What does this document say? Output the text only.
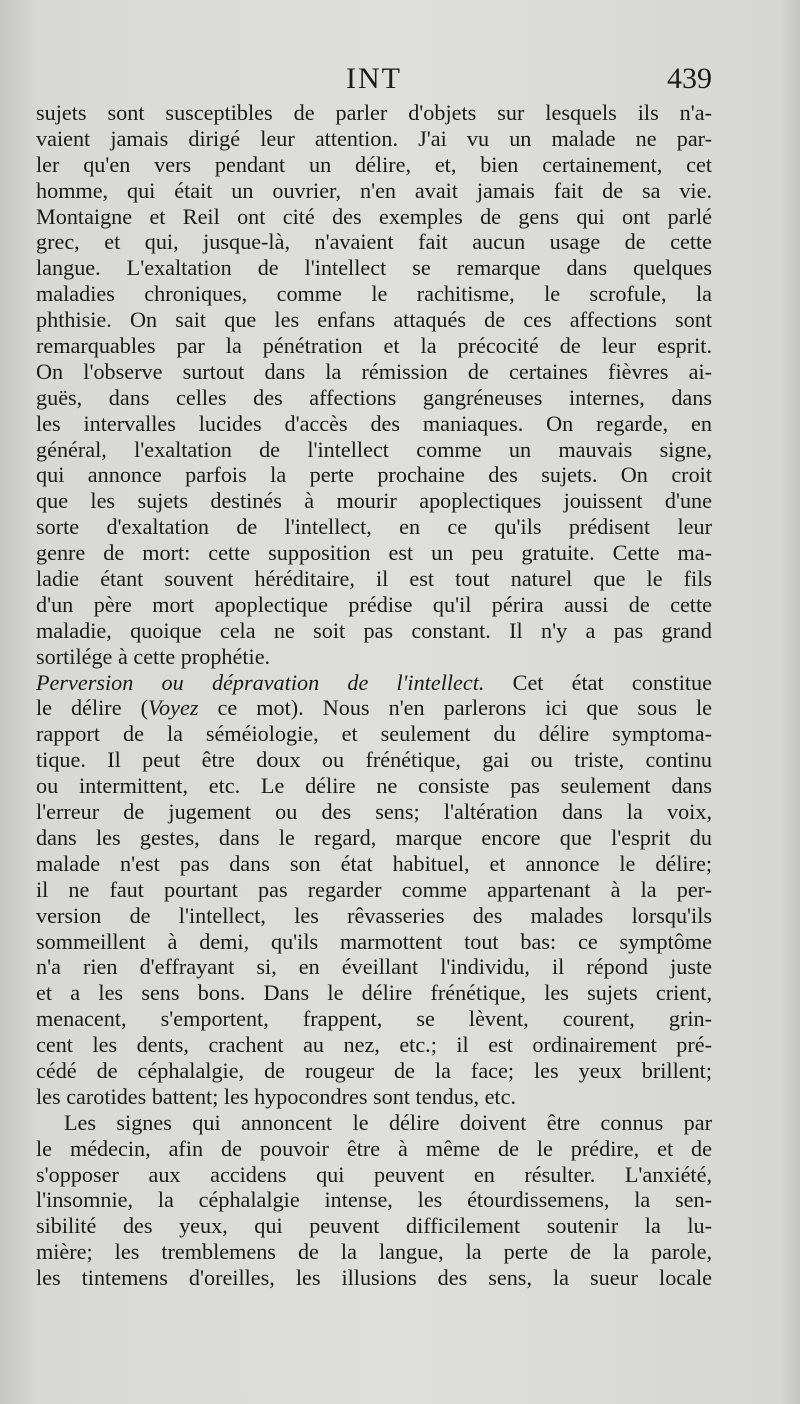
INT	439
sujets sont susceptibles de parler d'objets sur lesquels ils n'a-
vaient jamais dirigé leur attention. J'ai vu un malade ne par-
ler qu'en vers pendant un délire, et, bien certainement, cet
homme, qui était un ouvrier, n'en avait jamais fait de sa vie.
Montaigne et Reil ont cité des exemples de gens qui ont parlé
grec, et qui, jusque-là, n'avaient fait aucun usage de cette
langue. L'exaltation de l'intellect se remarque dans quelques
maladies chroniques, comme le rachitisme, le scrofule, la
phthisie. On sait que les enfans attaqués de ces affections sont
remarquables par la pénétration et la précocité de leur esprit.
On l'observe surtout dans la rémission de certaines fièvres ai-
guës, dans celles des affections gangréneuses internes, dans
les intervalles lucides d'accès des maniaques. On regarde, en
général, l'exaltation de l'intellect comme un mauvais signe,
qui annonce parfois la perte prochaine des sujets. On croit
que les sujets destinés à mourir apoplectiques jouissent d'une
sorte d'exaltation de l'intellect, en ce qu'ils prédisent leur
genre de mort: cette supposition est un peu gratuite. Cette ma-
ladie étant souvent héréditaire, il est tout naturel que le fils
d'un père mort apoplectique prédise qu'il périra aussi de cette
maladie, quoique cela ne soit pas constant. Il n'y a pas grand
sortilége à cette prophétie.
Perversion ou dépravation de l'intellect. Cet état constitue
le délire (Voyez ce mot). Nous n'en parlerons ici que sous le
rapport de la séméiologie, et seulement du délire symptoma-
tique. Il peut être doux ou frénétique, gai ou triste, continu
ou intermittent, etc. Le délire ne consiste pas seulement dans
l'erreur de jugement ou des sens; l'altération dans la voix,
dans les gestes, dans le regard, marque encore que l'esprit du
malade n'est pas dans son état habituel, et annonce le délire;
il ne faut pourtant pas regarder comme appartenant à la per-
version de l'intellect, les rêvasseries des malades lorsqu'ils
sommeillent à demi, qu'ils marmottent tout bas: ce symptôme
n'a rien d'effrayant si, en éveillant l'individu, il répond juste
et a les sens bons. Dans le délire frénétique, les sujets crient,
menacent, s'emportent, frappent, se lèvent, courent, grin-
cent les dents, crachent au nez, etc.; il est ordinairement pré-
cédé de céphalalgie, de rougeur de la face; les yeux brillent;
les carotides battent; les hypocondres sont tendus, etc.
Les signes qui annoncent le délire doivent être connus par
le médecin, afin de pouvoir être à même de le prédire, et de
s'opposer aux accidens qui peuvent en résulter. L'anxiété,
l'insomnie, la céphalalgie intense, les étourdissemens, la sen-
sibilité des yeux, qui peuvent difficilement soutenir la lu-
mière; les tremblemens de la langue, la perte de la parole,
les tintemens d'oreilles, les illusions des sens, la sueur locale
